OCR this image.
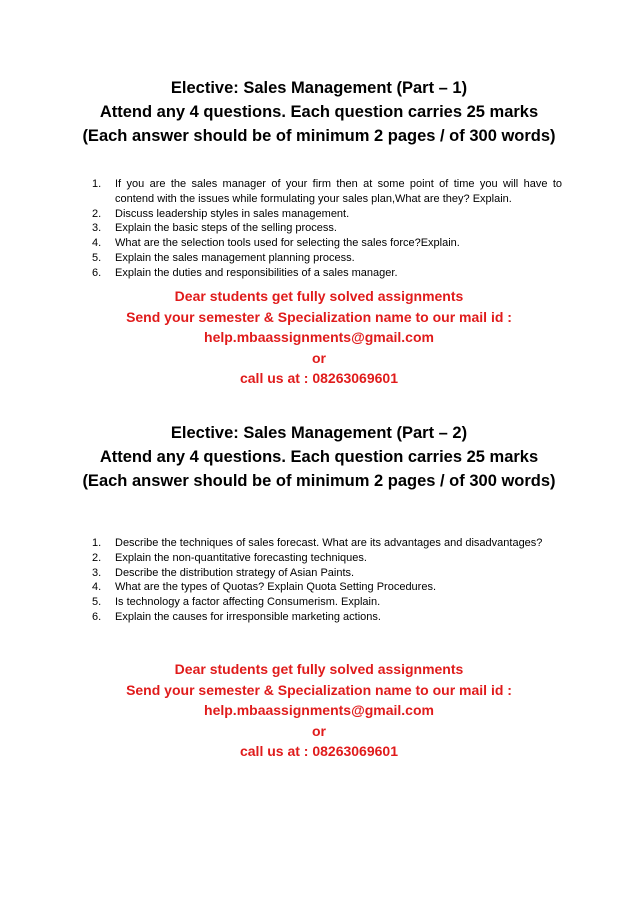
Elective: Sales Management (Part – 1)
Attend any 4 questions. Each question carries 25 marks
(Each answer should be of minimum 2 pages / of 300 words)
1. If you are the sales manager of your firm then at some point of time you will have to contend with the issues while formulating your sales plan,What are they? Explain.
2. Discuss leadership styles in sales management.
3. Explain the basic steps of the selling process.
4. What are the selection tools used for selecting the sales force?Explain.
5. Explain the sales management planning process.
6. Explain the duties and responsibilities of a sales manager.
Dear students get fully solved assignments
Send your semester & Specialization name to our mail id :
help.mbaassignments@gmail.com
or
call us at : 08263069601
Elective: Sales Management (Part – 2)
Attend any 4 questions. Each question carries 25 marks
(Each answer should be of minimum 2 pages / of 300 words)
1. Describe the techniques of sales forecast. What are its advantages and disadvantages?
2. Explain the non-quantitative forecasting techniques.
3. Describe the distribution strategy of Asian Paints.
4. What are the types of Quotas? Explain Quota Setting Procedures.
5. Is technology a factor affecting Consumerism. Explain.
6. Explain the causes for irresponsible marketing actions.
Dear students get fully solved assignments
Send your semester & Specialization name to our mail id :
help.mbaassignments@gmail.com
or
call us at : 08263069601
